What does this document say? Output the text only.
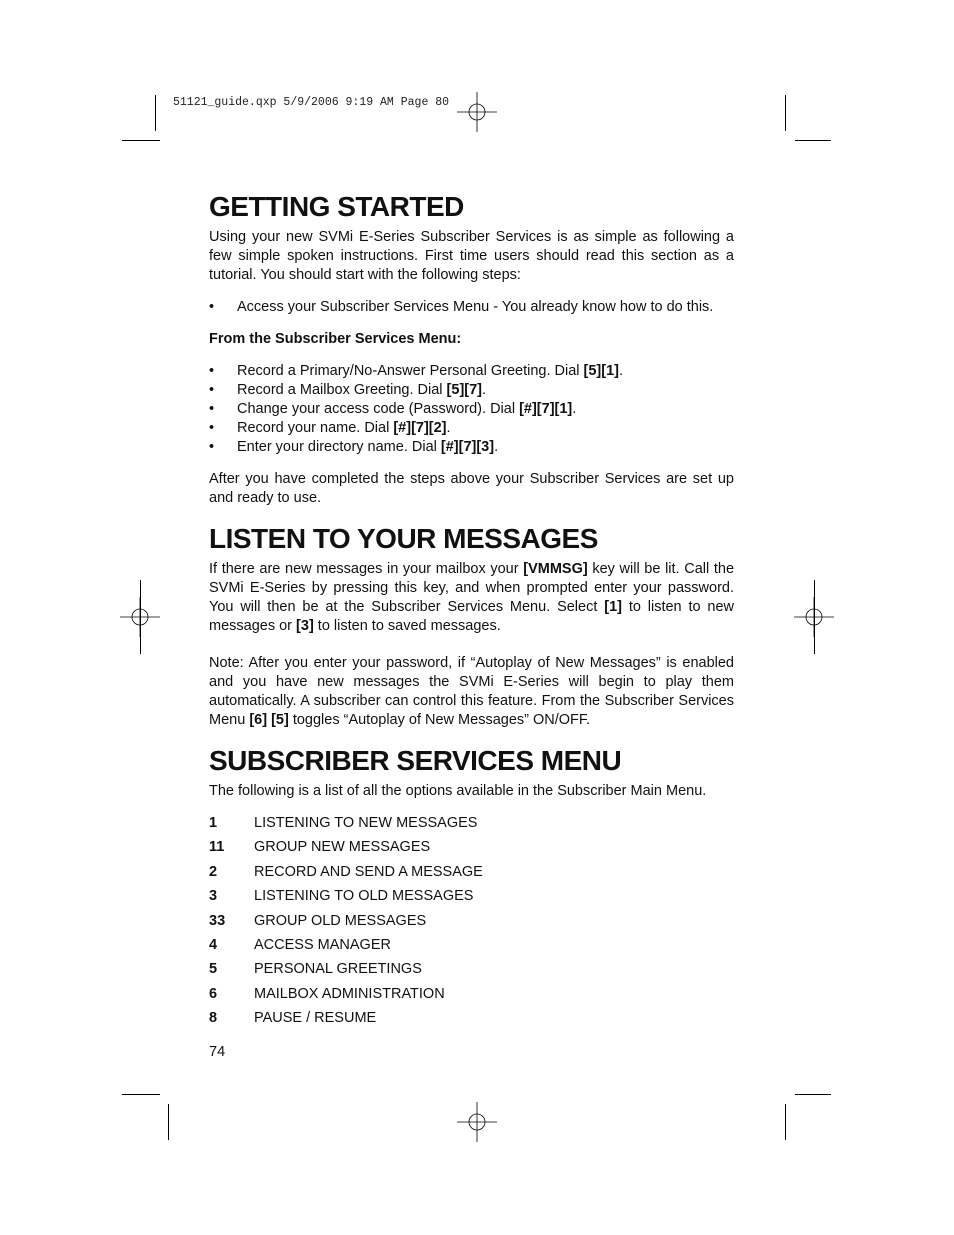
51121_guide.qxp 5/9/2006 9:19 AM Page 80
GETTING STARTED

Using your new SVMi E-Series Subscriber Services is as simple as following a few simple spoken instructions. First time users should read this section as a tutorial. You should start with the following steps:

• Access your Subscriber Services Menu - You already know how to do this.

From the Subscriber Services Menu:

• Record a Primary/No-Answer Personal Greeting. Dial [5][1].
• Record a Mailbox Greeting. Dial [5][7].
• Change your access code (Password). Dial [#][7][1].
• Record your name. Dial [#][7][2].
• Enter your directory name. Dial [#][7][3].

After you have completed the steps above your Subscriber Services are set up and ready to use.

LISTEN TO YOUR MESSAGES

If there are new messages in your mailbox your [VMMSG] key will be lit. Call the SVMi E-Series by pressing this key, and when prompted enter your password. You will then be at the Subscriber Services Menu. Select [1] to listen to new messages or [3] to listen to saved messages.

Note: After you enter your password, if “Autoplay of New Messages” is enabled and you have new messages the SVMi E-Series will begin to play them automatically. A subscriber can control this feature. From the Subscriber Services Menu [6] [5] toggles “Autoplay of New Messages” ON/OFF.

SUBSCRIBER SERVICES MENU

The following is a list of all the options available in the Subscriber Main Menu.

1	LISTENING TO NEW MESSAGES
11	GROUP NEW MESSAGES
2	RECORD AND SEND A MESSAGE
3	LISTENING TO OLD MESSAGES
33	GROUP OLD MESSAGES
4	ACCESS MANAGER
5	PERSONAL GREETINGS
6	MAILBOX ADMINISTRATION
8	PAUSE / RESUME
74
